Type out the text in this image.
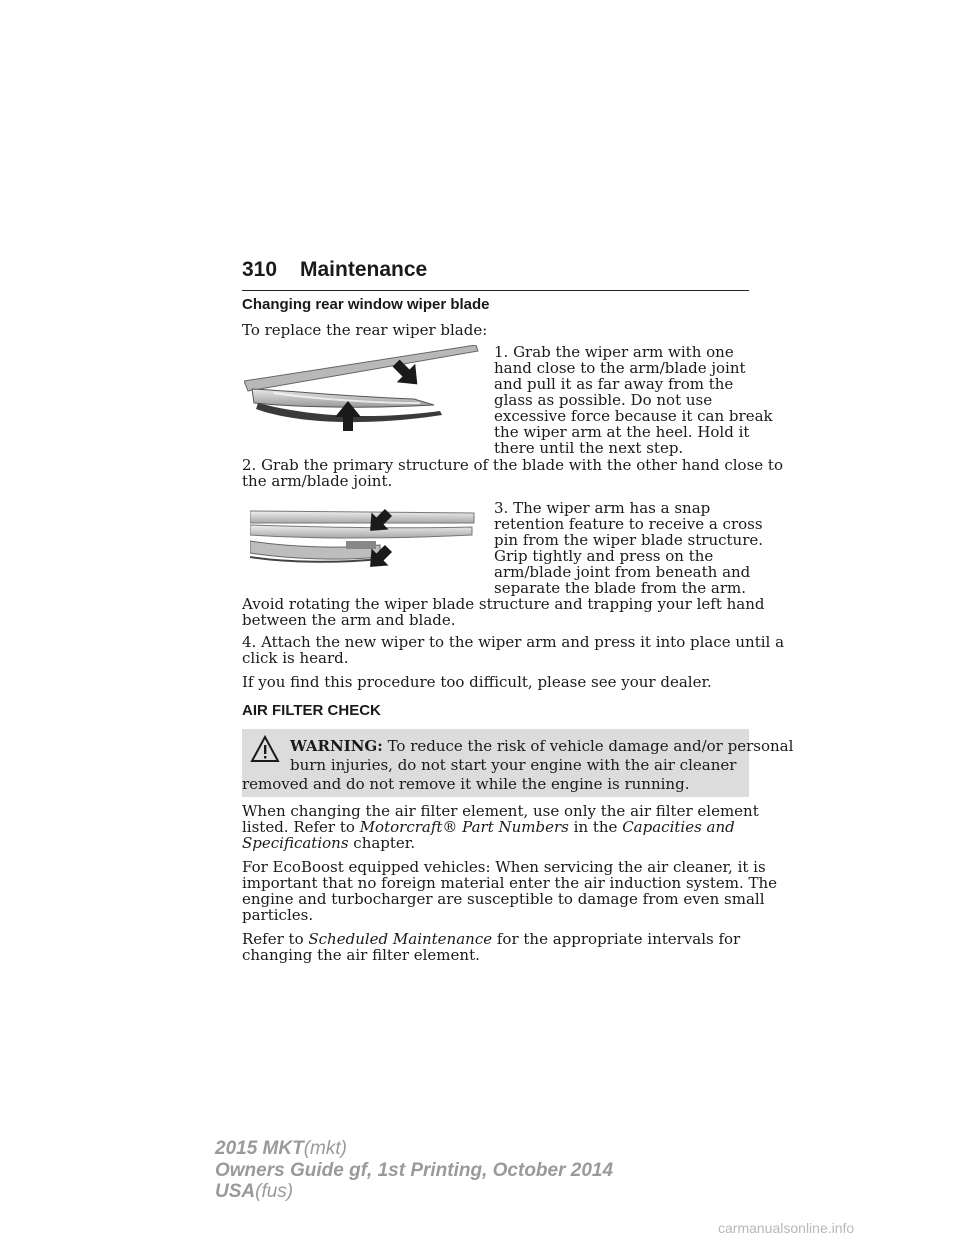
310 Maintenance
Changing rear window wiper blade
To replace the rear wiper blade:
1. Grab the wiper arm with one
hand close to the arm/blade joint
and pull it as far away from the
glass as possible. Do not use
excessive force because it can break
the wiper arm at the heel. Hold it
there until the next step.
2. Grab the primary structure of the blade with the other hand close to
the arm/blade joint.
3. The wiper arm has a snap
retention feature to receive a cross
pin from the wiper blade structure.
Grip tightly and press on the
arm/blade joint from beneath and
separate the blade from the arm.
Avoid rotating the wiper blade structure and trapping your left hand
between the arm and blade.
4. Attach the new wiper to the wiper arm and press it into place until a
click is heard.
If you find this procedure too difficult, please see your dealer.
AIR FILTER CHECK
WARNING: To reduce the risk of vehicle damage and/or personal
burn injuries, do not start your engine with the air cleaner
removed and do not remove it while the engine is running.
When changing the air filter element, use only the air filter element
listed. Refer to Motorcraft® Part Numbers in the Capacities and
Specifications chapter.
For EcoBoost equipped vehicles: When servicing the air cleaner, it is
important that no foreign material enter the air induction system. The
engine and turbocharger are susceptible to damage from even small
particles.
Refer to Scheduled Maintenance for the appropriate intervals for
changing the air filter element.
2015 MKT(mkt)
Owners Guide gf, 1st Printing, October 2014
USA(fus)
carmanualsonline.info
